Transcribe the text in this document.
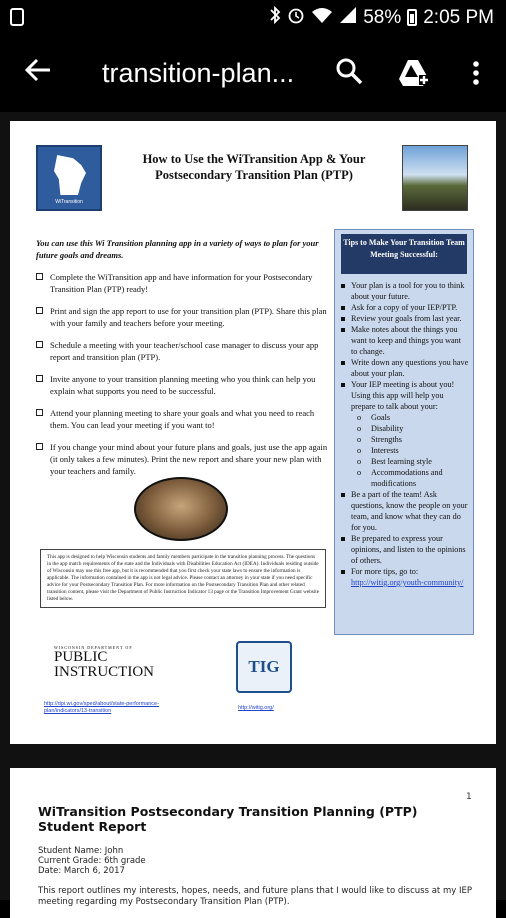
58% 2:05 PM
transition-plan...
WiTransition
How to Use the WiTransition App & Your Postsecondary Transition Plan (PTP)
You can use this Wi Transition planning app in a variety of ways to plan for your future goals and dreams.
Complete the WiTransition app and have information for your Postsecondary Transition Plan (PTP) ready!
Print and sign the app report to use for your transition plan (PTP). Share this plan with your family and teachers before your meeting.
Schedule a meeting with your teacher/school case manager to discuss your app report and transition plan (PTP).
Invite anyone to your transition planning meeting who you think can help you explain what supports you need to be successful.
Attend your planning meeting to share your goals and what you need to reach them. You can lead your meeting if you want to!
If you change your mind about your future plans and goals, just use the app again (it only takes a few minutes). Print the new report and share your new plan with your teachers and family.
This app is designed to help Wisconsin students and family members participate in the transition planning process. The questions in the app match requirements of the state and the Individuals with Disabilities Education Act (IDEA). Individuals residing outside of Wisconsin may use this free app, but it is recommended that you first check your state laws to ensure the information is applicable. The information contained in the app is not legal advice. Please contact an attorney in your state if you need specific advice for your Postsecondary Transition Plan. For more information on the Postsecondary Transition Plan and other related transition content, please visit the Department of Public Instruction Indicator 13 page or the Transition Improvement Grant website listed below.
WISCONSIN DEPARTMENT OF
PUBLIC
INSTRUCTION
http://dpi.wi.gov/sped/about/state-performance-plan/indicators/13-transition
TIG
http://witig.org/
Tips to Make Your Transition Team Meeting Successful:
Your plan is a tool for you to think about your future.
Ask for a copy of your IEP/PTP.
Review your goals from last year.
Make notes about the things you want to keep and things you want to change.
Write down any questions you have about your plan.
Your IEP meeting is about you! Using this app will help you prepare to talk about your:
o Goals
o Disability
o Strengths
o Interests
o Best learning style
o Accommodations and modifications
Be a part of the team! Ask questions, know the people on your team, and know what they can do for you.
Be prepared to express your opinions, and listen to the opinions of others.
For more tips, go to: http://witig.org/youth-community/
1
WiTransition Postsecondary Transition Planning (PTP) Student Report
Student Name: John
Current Grade: 6th grade
Date: March 6, 2017
This report outlines my interests, hopes, needs, and future plans that I would like to discuss at my IEP meeting regarding my Postsecondary Transition Plan (PTP).
